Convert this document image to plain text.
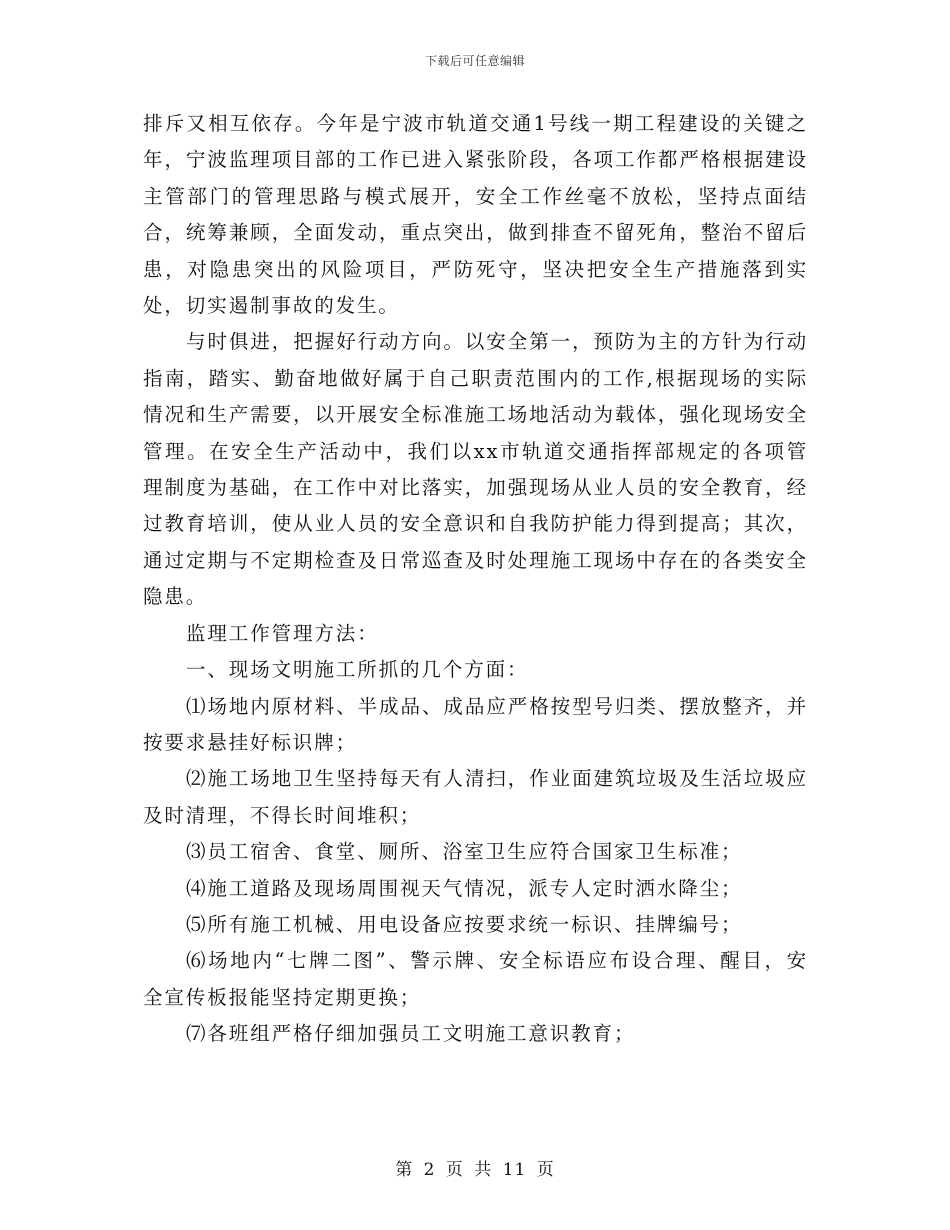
下载后可任意编辑

排斥又相互依存。今年是宁波市轨道交通1号线一期工程建设的关键之年，宁波监理项目部的工作已进入紧张阶段，各项工作都严格根据建设主管部门的管理思路与模式展开，安全工作丝毫不放松，坚持点面结合，统筹兼顾，全面发动，重点突出，做到排查不留死角，整治不留后患，对隐患突出的风险项目，严防死守，坚决把安全生产措施落到实处，切实遏制事故的发生。

与时俱进，把握好行动方向。以安全第一，预防为主的方针为行动指南，踏实、勤奋地做好属于自己职责范围内的工作,根据现场的实际情况和生产需要，以开展安全标准施工场地活动为载体，强化现场安全管理。在安全生产活动中，我们以xx市轨道交通指挥部规定的各项管理制度为基础，在工作中对比落实，加强现场从业人员的安全教育，经过教育培训，使从业人员的安全意识和自我防护能力得到提高；其次，通过定期与不定期检查及日常巡查及时处理施工现场中存在的各类安全隐患。

监理工作管理方法：

一、现场文明施工所抓的几个方面：

⑴场地内原材料、半成品、成品应严格按型号归类、摆放整齐，并按要求悬挂好标识牌；

⑵施工场地卫生坚持每天有人清扫，作业面建筑垃圾及生活垃圾应及时清理，不得长时间堆积；

⑶员工宿舍、食堂、厕所、浴室卫生应符合国家卫生标准；

⑷施工道路及现场周围视天气情况，派专人定时洒水降尘；

⑸所有施工机械、用电设备应按要求统一标识、挂牌编号；

⑹场地内“七牌二图”、警示牌、安全标语应布设合理、醒目，安全宣传板报能坚持定期更换；

⑺各班组严格仔细加强员工文明施工意识教育；

第 2 页 共 11 页
